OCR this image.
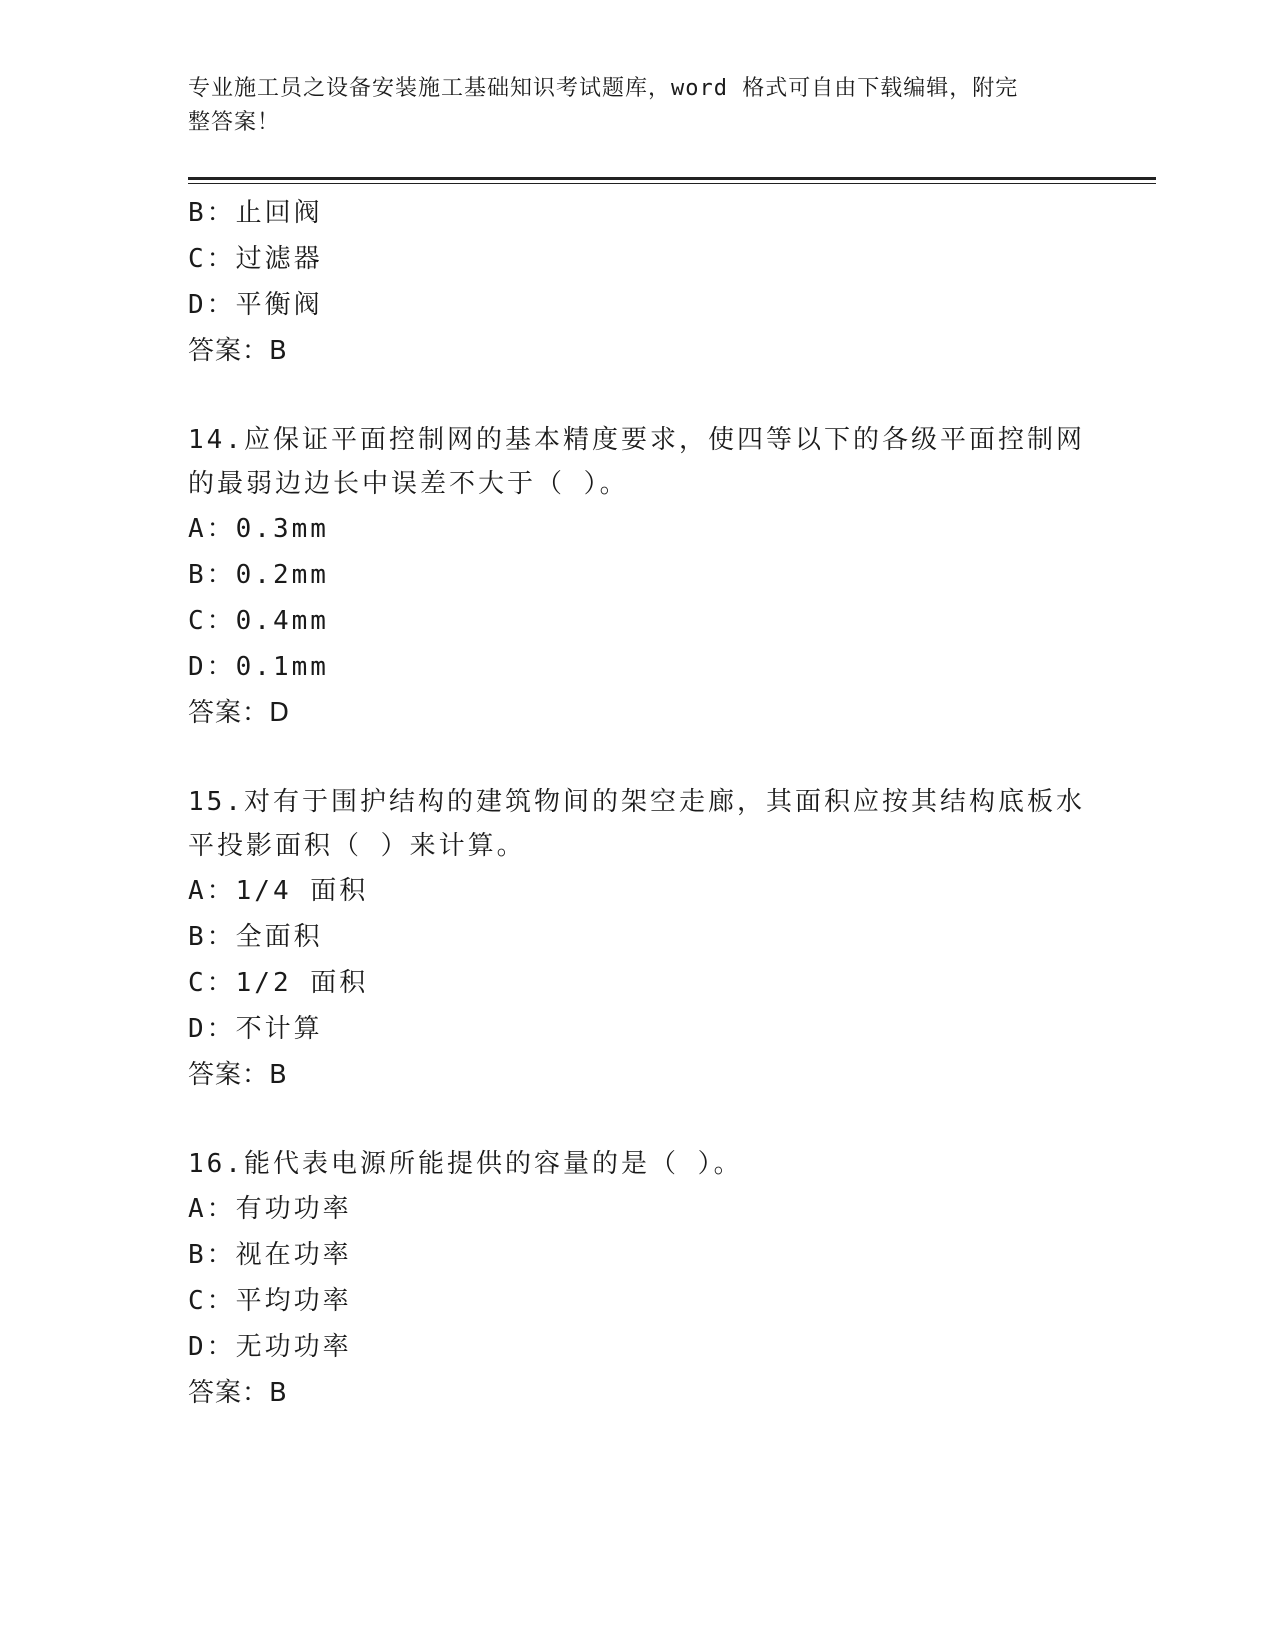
专业施工员之设备安装施工基础知识考试题库，word 格式可自由下载编辑，附完
整答案！
B：止回阀
C：过滤器
D：平衡阀
答案：B
14.应保证平面控制网的基本精度要求，使四等以下的各级平面控制网
的最弱边边长中误差不大于（ ）。
A：0.3mm
B：0.2mm
C：0.4mm
D：0.1mm
答案：D
15.对有于围护结构的建筑物间的架空走廊，其面积应按其结构底板水
平投影面积（ ）来计算。
A：1/4 面积
B：全面积
C：1/2 面积
D：不计算
答案：B
16.能代表电源所能提供的容量的是（ ）。
A：有功功率
B：视在功率
C：平均功率
D：无功功率
答案：B
